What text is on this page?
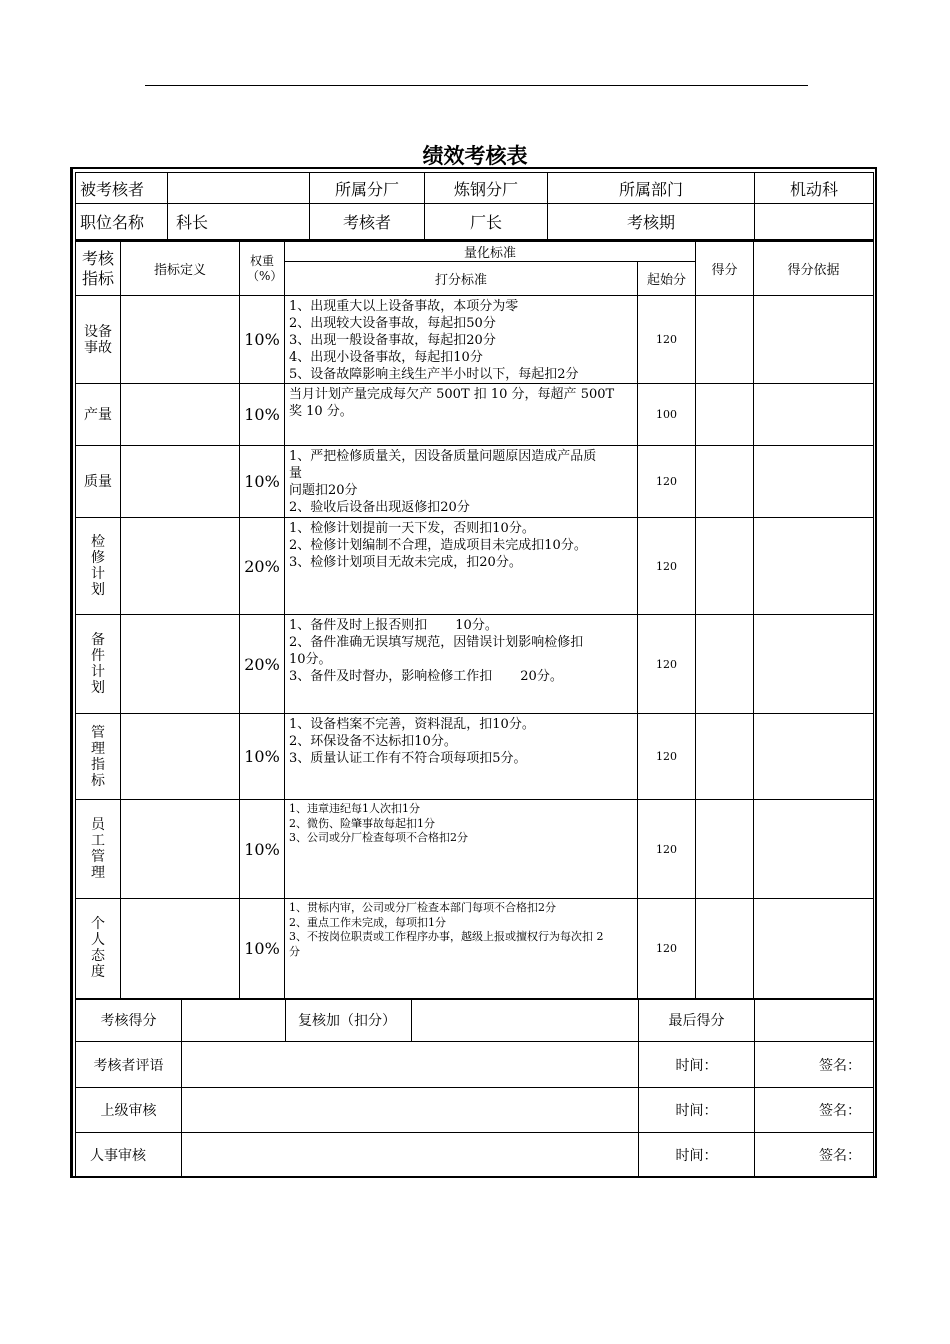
绩效考核表
被考核者		所属分厂	炼钢分厂	所属部门	机动科
职位名称	科长	考核者	厂长	考核期	
考核指标	指标定义	权重（%）	量化标准		得分	得分依据
			打分标准	起始分		
设备事故		10%	1、出现重大以上设备事故，本项分为零
2、出现较大设备事故，每起扣50分
3、出现一般设备事故，每起扣20分
4、出现小设备事故，每起扣10分
5、设备故障影响主线生产半小时以下，每起扣2分	120		
产量		10%	当月计划产量完成每欠产 500T 扣 10 分，每超产 500T
奖 10 分。	100		
质量		10%	1、严把检修质量关，因设备质量问题原因造成产品质
量
问题扣20分
2、验收后设备出现返修扣20分	120		
检修计划		20%	1、检修计划提前一天下发，否则扣10分。
2、检修计划编制不合理，造成项目未完成扣10分。
3、检修计划项目无故未完成，扣20分。	120		
备件计划		20%	1、备件及时上报否则扣 10分。
2、备件准确无误填写规范，因错误计划影响检修扣
10分。
3、备件及时督办，影响检修工作扣 20分。	120		
管理指标		10%	1、设备档案不完善，资料混乱，扣10分。
2、环保设备不达标扣10分。
3、质量认证工作有不符合项每项扣5分。	120		
员工管理		10%	1、违章违纪每1人次扣1分
2、微伤、险肇事故每起扣1分
3、公司或分厂检查每项不合格扣2分	120		
个人态度		10%	1、贯标内审，公司或分厂检查本部门每项不合格扣2分
2、重点工作未完成，每项扣1分
3、不按岗位职责或工作程序办事，越级上报或擅权行为每次扣 2
分	120		
考核得分		复核加（扣分）		最后得分	
考核者评语				时间：	签名：
上级审核				时间：	签名：
人事审核				时间：	签名：
